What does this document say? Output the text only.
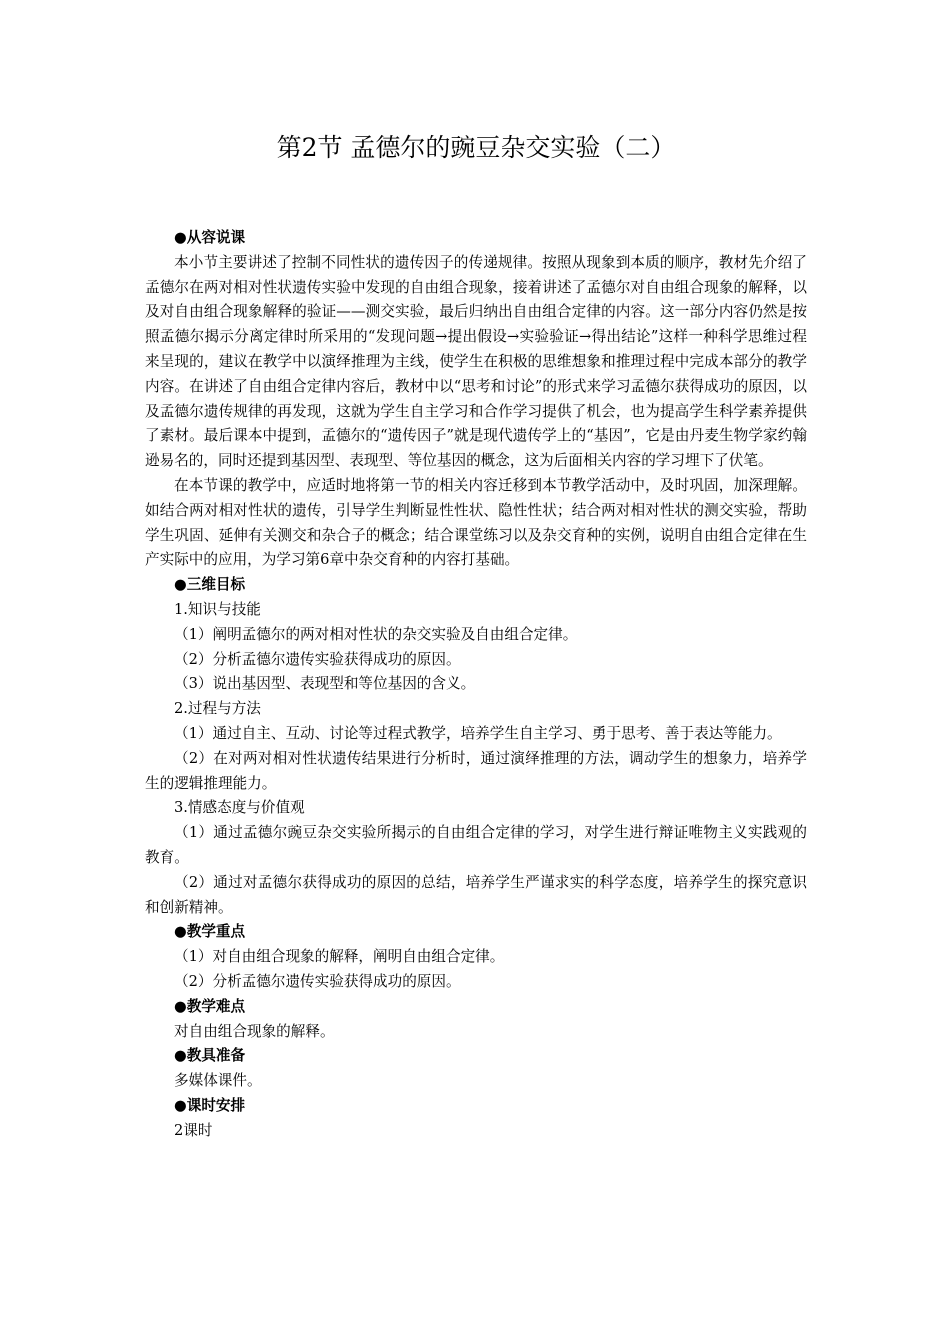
第2节 孟德尔的豌豆杂交实验（二）

●从容说课

本小节主要讲述了控制不同性状的遗传因子的传递规律。按照从现象到本质的顺序，教材先介绍了孟德尔在两对相对性状遗传实验中发现的自由组合现象，接着讲述了孟德尔对自由组合现象的解释，以及对自由组合现象解释的验证——测交实验，最后归纳出自由组合定律的内容。这一部分内容仍然是按照孟德尔揭示分离定律时所采用的“发现问题→提出假设→实验验证→得出结论”这样一种科学思维过程来呈现的，建议在教学中以演绎推理为主线，使学生在积极的思维想象和推理过程中完成本部分的教学内容。在讲述了自由组合定律内容后，教材中以“思考和讨论”的形式来学习孟德尔获得成功的原因，以及孟德尔遗传规律的再发现，这就为学生自主学习和合作学习提供了机会，也为提高学生科学素养提供了素材。最后课本中提到，孟德尔的“遗传因子”就是现代遗传学上的“基因”，它是由丹麦生物学家约翰逊易名的，同时还提到基因型、表现型、等位基因的概念，这为后面相关内容的学习埋下了伏笔。

在本节课的教学中，应适时地将第一节的相关内容迁移到本节教学活动中，及时巩固，加深理解。如结合两对相对性状的遗传，引导学生判断显性性状、隐性性状；结合两对相对性状的测交实验，帮助学生巩固、延伸有关测交和杂合子的概念；结合课堂练习以及杂交育种的实例，说明自由组合定律在生产实际中的应用，为学习第6章中杂交育种的内容打基础。

●三维目标

1.知识与技能

（1）阐明孟德尔的两对相对性状的杂交实验及自由组合定律。

（2）分析孟德尔遗传实验获得成功的原因。

（3）说出基因型、表现型和等位基因的含义。

2.过程与方法

（1）通过自主、互动、讨论等过程式教学，培养学生自主学习、勇于思考、善于表达等能力。

（2）在对两对相对性状遗传结果进行分析时，通过演绎推理的方法，调动学生的想象力，培养学生的逻辑推理能力。

3.情感态度与价值观

（1）通过孟德尔豌豆杂交实验所揭示的自由组合定律的学习，对学生进行辩证唯物主义实践观的教育。

（2）通过对孟德尔获得成功的原因的总结，培养学生严谨求实的科学态度，培养学生的探究意识和创新精神。

●教学重点

（1）对自由组合现象的解释，阐明自由组合定律。

（2）分析孟德尔遗传实验获得成功的原因。

●教学难点

对自由组合现象的解释。

●教具准备

多媒体课件。

●课时安排

2课时
